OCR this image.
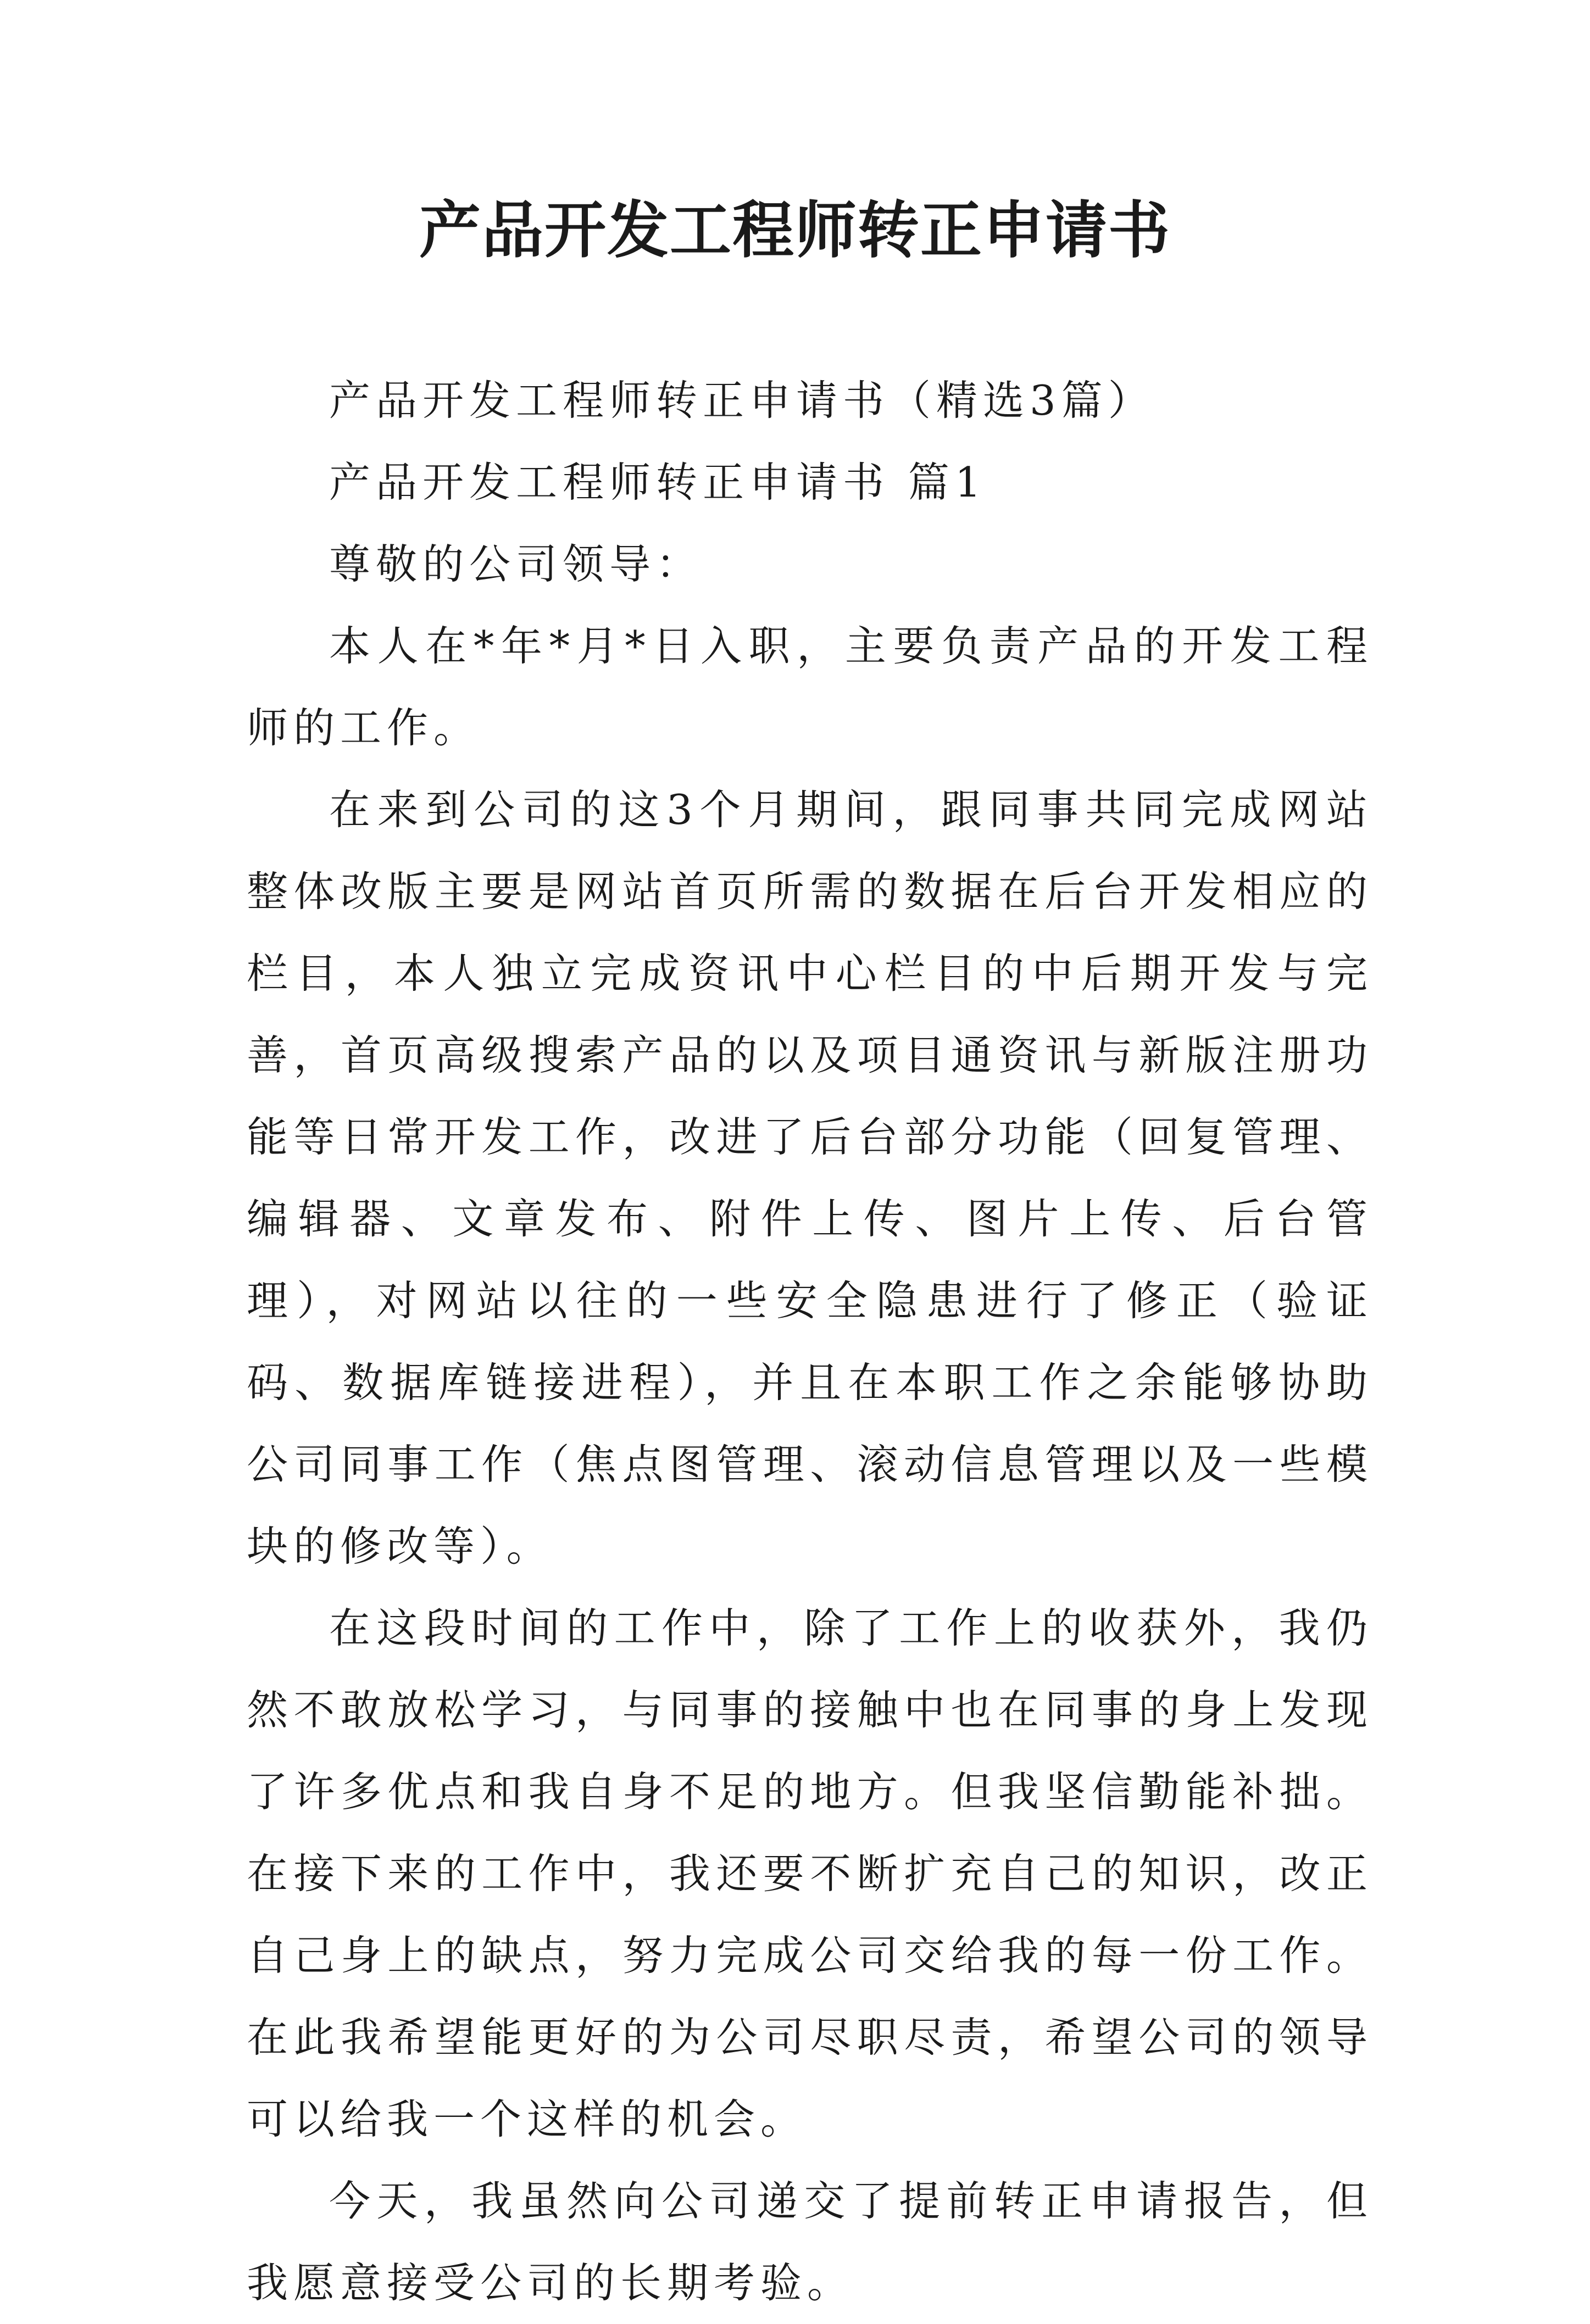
产品开发工程师转正申请书

产品开发工程师转正申请书（精选3篇）

产品开发工程师转正申请书 篇1

尊敬的公司领导：

本人在*年*月*日入职，主要负责产品的开发工程师的工作。

在来到公司的这3个月期间，跟同事共同完成网站整体改版主要是网站首页所需的数据在后台开发相应的栏目，本人独立完成资讯中心栏目的中后期开发与完善，首页高级搜索产品的以及项目通资讯与新版注册功能等日常开发工作，改进了后台部分功能（回复管理、编辑器、文章发布、附件上传、图片上传、后台管理），对网站以往的一些安全隐患进行了修正（验证码、数据库链接进程），并且在本职工作之余能够协助公司同事工作（焦点图管理、滚动信息管理以及一些模块的修改等）。

在这段时间的工作中，除了工作上的收获外，我仍然不敢放松学习，与同事的接触中也在同事的身上发现了许多优点和我自身不足的地方。但我坚信勤能补拙。在接下来的工作中，我还要不断扩充自己的知识，改正自己身上的缺点，努力完成公司交给我的每一份工作。在此我希望能更好的为公司尽职尽责，希望公司的领导可以给我一个这样的机会。

今天，我虽然向公司递交了提前转正申请报告，但我愿意接受公司的长期考验。
